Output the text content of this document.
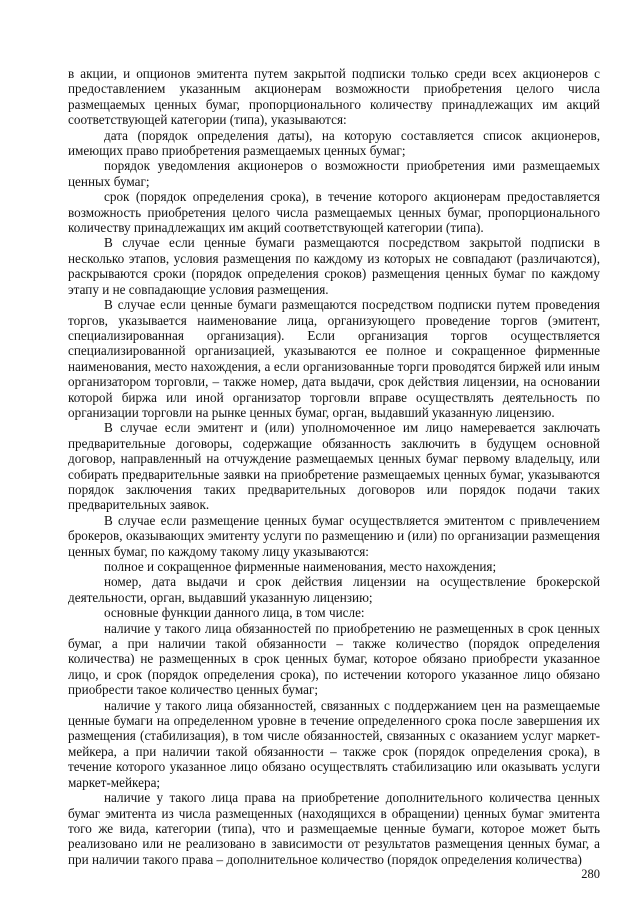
в акции, и опционов эмитента путем закрытой подписки только среди всех акционеров с предоставлением указанным акционерам возможности приобретения целого числа размещаемых ценных бумаг, пропорционального количеству принадлежащих им акций соответствующей категории (типа), указываются:

дата (порядок определения даты), на которую составляется список акционеров, имеющих право приобретения размещаемых ценных бумаг;

порядок уведомления акционеров о возможности приобретения ими размещаемых ценных бумаг;

срок (порядок определения срока), в течение которого акционерам предоставляется возможность приобретения целого числа размещаемых ценных бумаг, пропорционального количеству принадлежащих им акций соответствующей категории (типа).

В случае если ценные бумаги размещаются посредством закрытой подписки в несколько этапов, условия размещения по каждому из которых не совпадают (различаются), раскрываются сроки (порядок определения сроков) размещения ценных бумаг по каждому этапу и не совпадающие условия размещения.

В случае если ценные бумаги размещаются посредством подписки путем проведения торгов, указывается наименование лица, организующего проведение торгов (эмитент, специализированная организация). Если организация торгов осуществляется специализированной организацией, указываются ее полное и сокращенное фирменные наименования, место нахождения, а если организованные торги проводятся биржей или иным организатором торговли, – также номер, дата выдачи, срок действия лицензии, на основании которой биржа или иной организатор торговли вправе осуществлять деятельность по организации торговли на рынке ценных бумаг, орган, выдавший указанную лицензию.

В случае если эмитент и (или) уполномоченное им лицо намеревается заключать предварительные договоры, содержащие обязанность заключить в будущем основной договор, направленный на отчуждение размещаемых ценных бумаг первому владельцу, или собирать предварительные заявки на приобретение размещаемых ценных бумаг, указываются порядок заключения таких предварительных договоров или порядок подачи таких предварительных заявок.

В случае если размещение ценных бумаг осуществляется эмитентом с привлечением брокеров, оказывающих эмитенту услуги по размещению и (или) по организации размещения ценных бумаг, по каждому такому лицу указываются:

полное и сокращенное фирменные наименования, место нахождения;

номер, дата выдачи и срок действия лицензии на осуществление брокерской деятельности, орган, выдавший указанную лицензию;

основные функции данного лица, в том числе:

наличие у такого лица обязанностей по приобретению не размещенных в срок ценных бумаг, а при наличии такой обязанности – также количество (порядок определения количества) не размещенных в срок ценных бумаг, которое обязано приобрести указанное лицо, и срок (порядок определения срока), по истечении которого указанное лицо обязано приобрести такое количество ценных бумаг;

наличие у такого лица обязанностей, связанных с поддержанием цен на размещаемые ценные бумаги на определенном уровне в течение определенного срока после завершения их размещения (стабилизация), в том числе обязанностей, связанных с оказанием услуг маркет-мейкера, а при наличии такой обязанности – также срок (порядок определения срока), в течение которого указанное лицо обязано осуществлять стабилизацию или оказывать услуги маркет-мейкера;

наличие у такого лица права на приобретение дополнительного количества ценных бумаг эмитента из числа размещенных (находящихся в обращении) ценных бумаг эмитента того же вида, категории (типа), что и размещаемые ценные бумаги, которое может быть реализовано или не реализовано в зависимости от результатов размещения ценных бумаг, а при наличии такого права – дополнительное количество (порядок определения количества)

280
